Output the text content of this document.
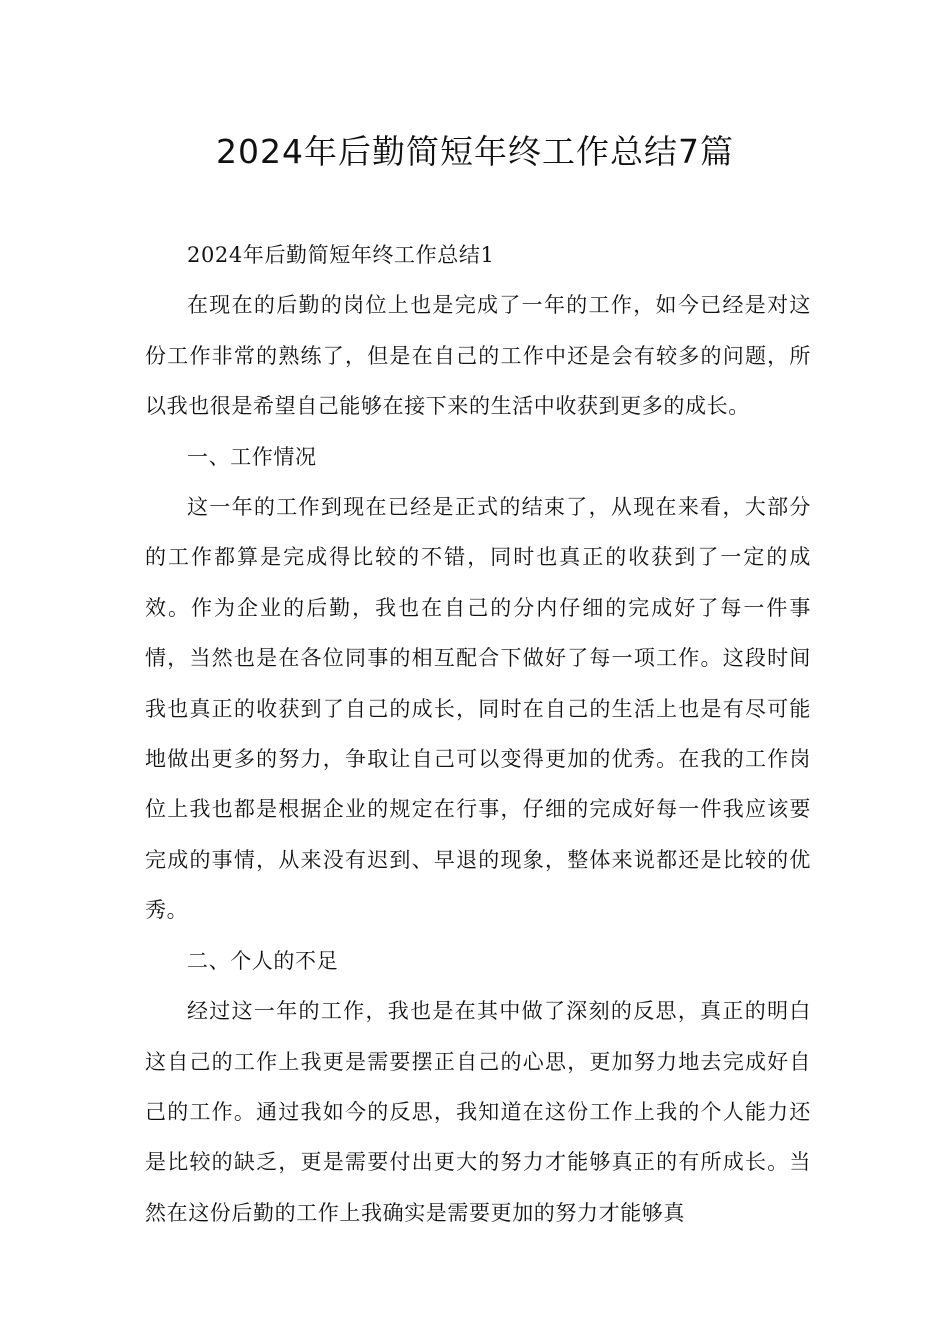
2024年后勤简短年终工作总结7篇

2024年后勤简短年终工作总结1

在现在的后勤的岗位上也是完成了一年的工作，如今已经是对这份工作非常的熟练了，但是在自己的工作中还是会有较多的问题，所以我也很是希望自己能够在接下来的生活中收获到更多的成长。

一、工作情况

这一年的工作到现在已经是正式的结束了，从现在来看，大部分的工作都算是完成得比较的不错，同时也真正的收获到了一定的成效。作为企业的后勤，我也在自己的分内仔细的完成好了每一件事情，当然也是在各位同事的相互配合下做好了每一项工作。这段时间我也真正的收获到了自己的成长，同时在自己的生活上也是有尽可能地做出更多的努力，争取让自己可以变得更加的优秀。在我的工作岗位上我也都是根据企业的规定在行事，仔细的完成好每一件我应该要完成的事情，从来没有迟到、早退的现象，整体来说都还是比较的优秀。

二、个人的不足

经过这一年的工作，我也是在其中做了深刻的反思，真正的明白这自己的工作上我更是需要摆正自己的心思，更加努力地去完成好自己的工作。通过我如今的反思，我知道在这份工作上我的个人能力还是比较的缺乏，更是需要付出更大的努力才能够真正的有所成长。当然在这份后勤的工作上我确实是需要更加的努力才能够真
